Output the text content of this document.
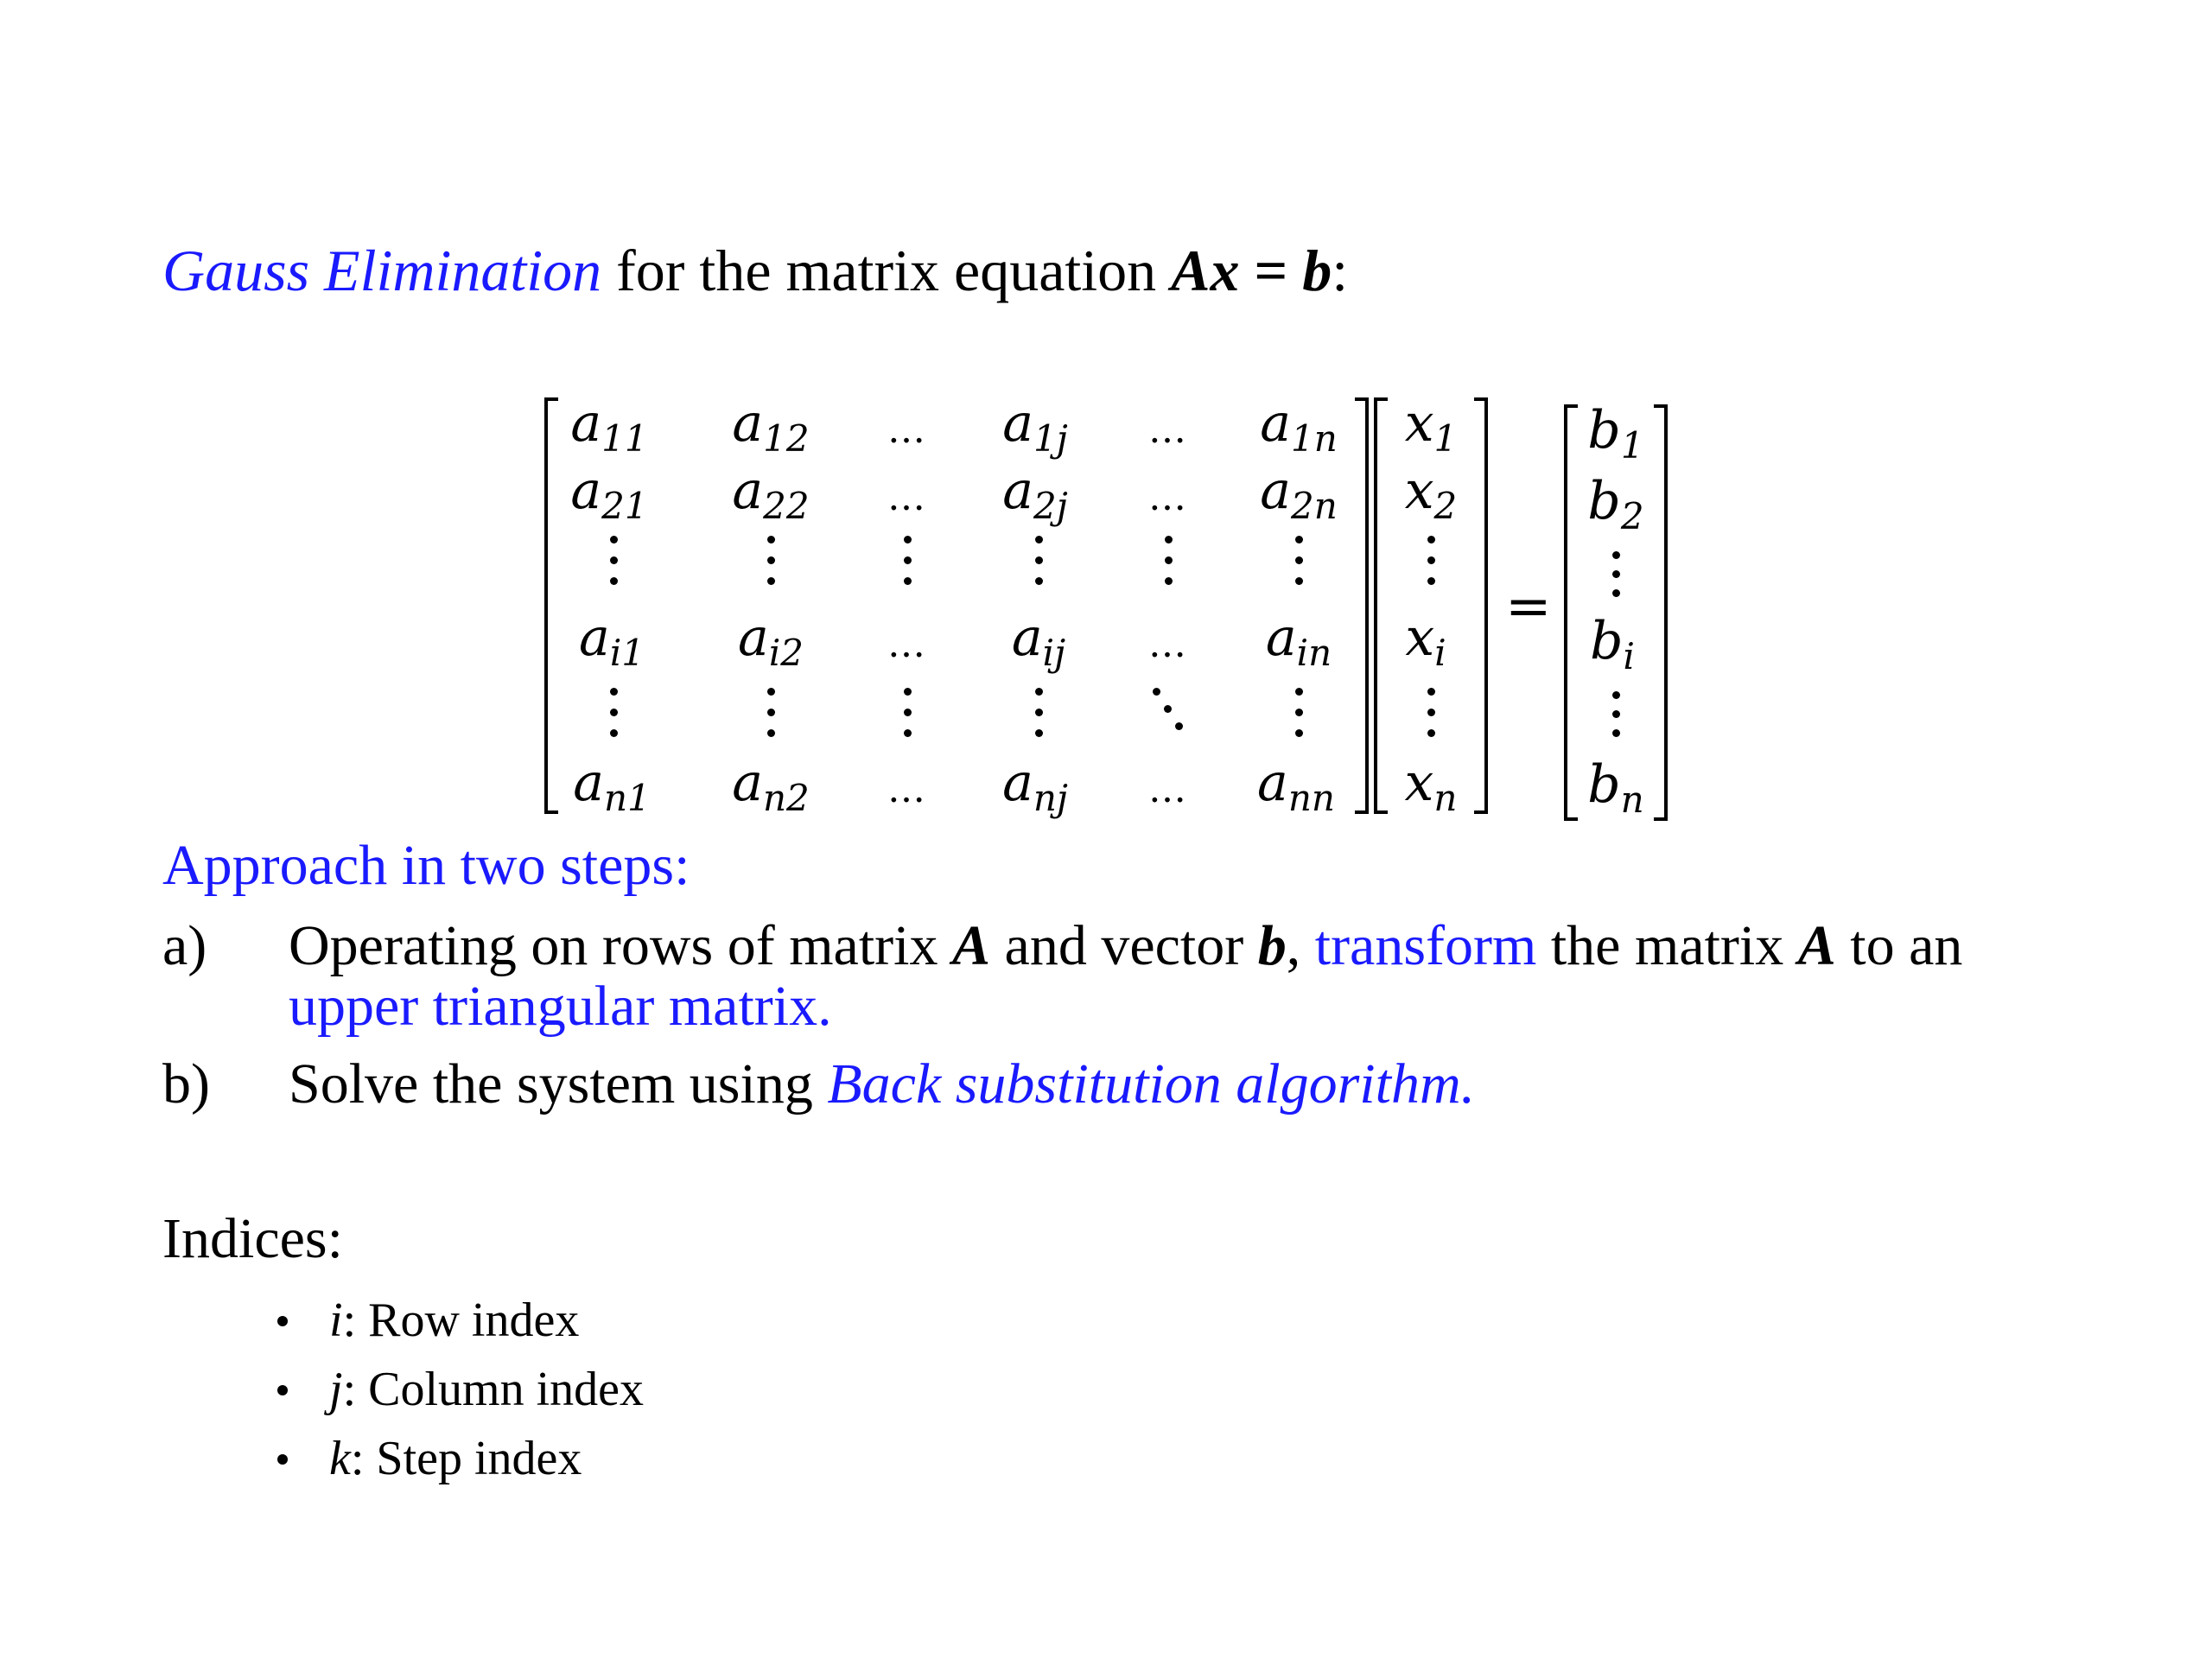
Gauss Elimination for the matrix equation Ax = b:
$a_{11}$ $a_{12}$ … $a_{1j}$ … $a_{1n}$
$a_{21}$ $a_{22}$ … $a_{2j}$ … $a_{2n}$
$a_{i1}$ $a_{i2}$ … $a_{ij}$ … $a_{in}$
$a_{n1}$ $a_{n2}$ … $a_{nj}$ … $a_{nn}$
$x_1$
$x_2$
$x_i$
$x_n$
=
$b_1$
$b_2$
$b_i$
$b_n$
Approach in two steps:
a) Operating on rows of matrix A and vector b, transform the matrix A to an upper triangular matrix.
b) Solve the system using Back substitution algorithm.
Indices:
i: Row index
j: Column index
k: Step index
